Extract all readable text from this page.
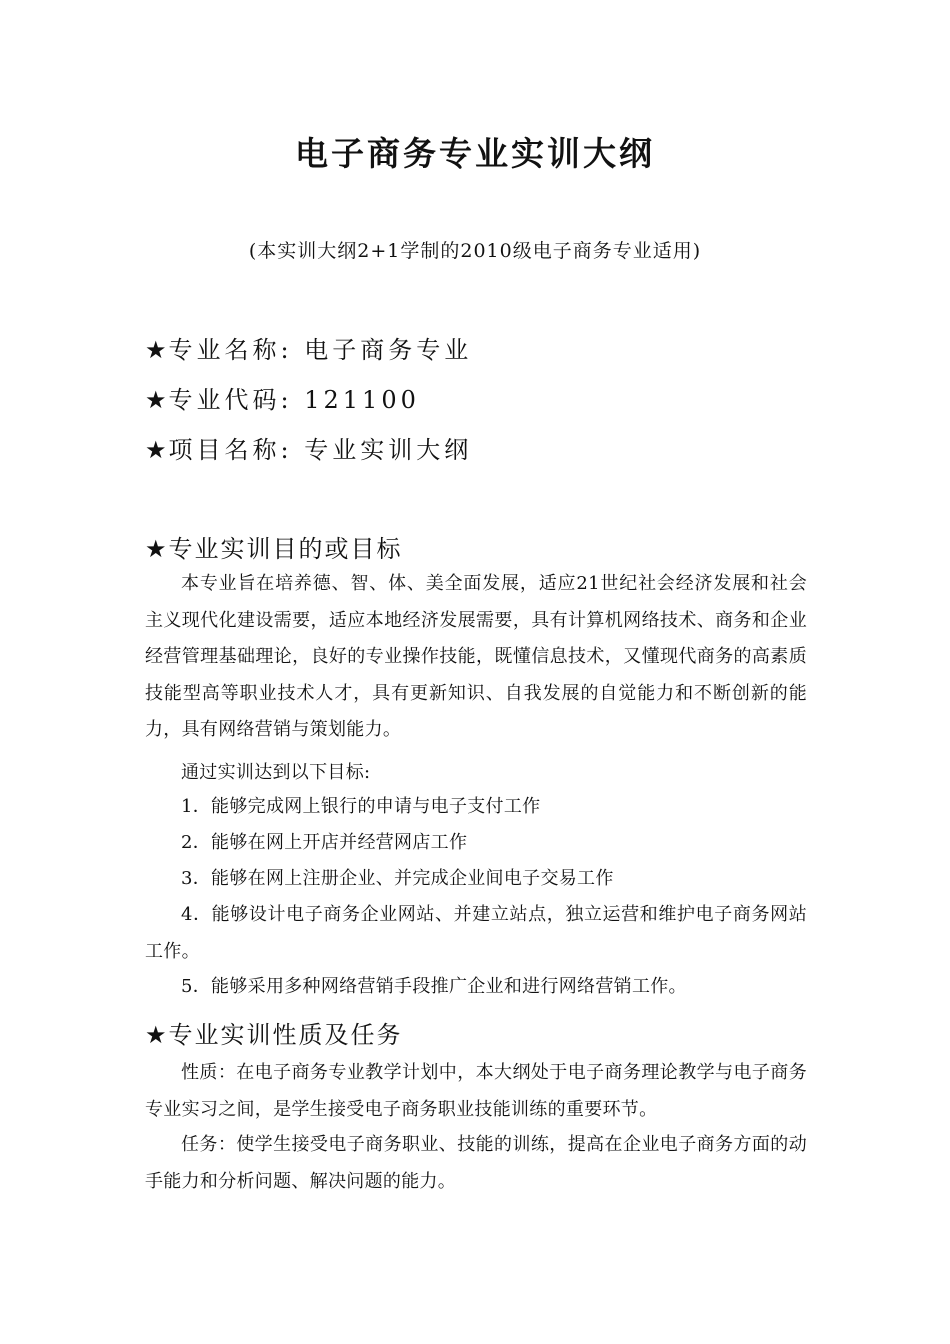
电子商务专业实训大纲
(本实训大纲2+1学制的2010级电子商务专业适用)
★专业名称: 电子商务专业
★专业代码: 121100
★项目名称: 专业实训大纲
★专业实训目的或目标
本专业旨在培养德、智、体、美全面发展，适应21世纪社会经济发展和社会主义现代化建设需要，适应本地经济发展需要，具有计算机网络技术、商务和企业经营管理基础理论，良好的专业操作技能，既懂信息技术，又懂现代商务的高素质技能型高等职业技术人才，具有更新知识、自我发展的自觉能力和不断创新的能力，具有网络营销与策划能力。
通过实训达到以下目标:
1．能够完成网上银行的申请与电子支付工作
2．能够在网上开店并经营网店工作
3．能够在网上注册企业、并完成企业间电子交易工作
4．能够设计电子商务企业网站、并建立站点，独立运营和维护电子商务网站工作。
5．能够采用多种网络营销手段推广企业和进行网络营销工作。
★专业实训性质及任务
性质：在电子商务专业教学计划中，本大纲处于电子商务理论教学与电子商务专业实习之间，是学生接受电子商务职业技能训练的重要环节。
任务：使学生接受电子商务职业、技能的训练，提高在企业电子商务方面的动手能力和分析问题、解决问题的能力。
